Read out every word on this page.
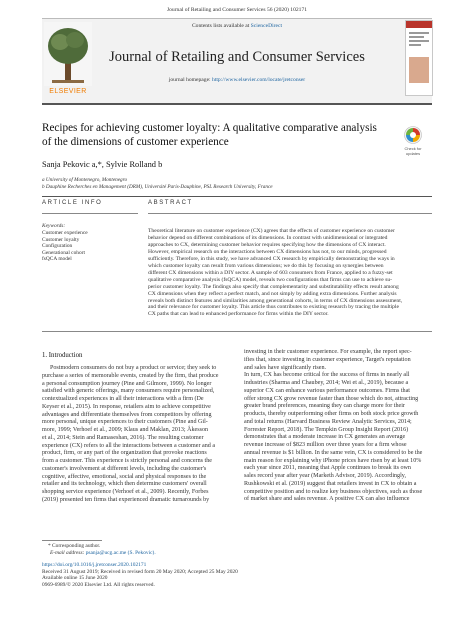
Journal of Retailing and Consumer Services 56 (2020) 102171
Contents lists available at ScienceDirect
Journal of Retailing and Consumer Services
journal homepage: http://www.elsevier.com/locate/jretconser
ELSEVIER
Recipes for achieving customer loyalty: A qualitative comparative analysis
of the dimensions of customer experience
Check for updates
Sanja Pekovic a,*, Sylvie Rolland b
a University of Montenegro, Montenegro
b Dauphine Recherches en Management (DRM), Université Paris-Dauphine, PSL Research University, France
ARTICLE INFO	ABSTRACT
Keywords:
Customer experience
Customer loyalty
Configuration
Generational cohort
fsQCA model
Theoretical literature on customer experience (CX) agrees that the effects of customer experience on customer
behavior depend on different combinations of its dimensions. In contrast with unidimensional or integrated
approaches to CX, determining customer behavior requires specifying how the dimensions of CX interact.
However, empirical research on the interactions between CX dimensions has not, to our minds, progressed
sufficiently. Therefore, in this study, we have advanced CX research by empirically demonstrating the ways in
which customer loyalty can result from various dimensions; we do this by focusing on synergies between
different CX dimensions within a DIY sector. A sample of 603 consumers from France, applied to a fuzzy-set
qualitative comparative analysis (fsQCA) model, reveals two configurations that firms can use to achieve su-
perior customer loyalty. The findings also specify that complementarity and substitutability effects result among
CX dimensions when they reflect a perfect match, and not simply by adding extra dimensions. Further analysis
reveals both distinct features and similarities among generational cohorts, in terms of CX dimensions assessment,
and their relevance for customer loyalty. This article thus contributes to existing research by tracing the multiple
CX paths that can lead to enhanced performance for firms within the DIY sector.
1. Introduction
Postmodern consumers do not buy a product or service; they seek to
purchase a series of memorable events, created by the firm, that produce
a personal consumption journey (Pine and Gilmore, 1999). No longer
satisfied with generic offerings, many consumers require personalized,
contextualized experiences in all their interactions with a firm (De
Keyser et al., 2015). In response, retailers aim to achieve competitive
advantages and differentiate themselves from competitors by offering
more personal, unique experiences to their customers (Pine and Gil-
more, 1999; Verhoef et al., 2009; Klaus and Maklan, 2013; Åkesson
et al., 2014; Stein and Ramaseshan, 2016). The resulting customer
experience (CX) refers to all the interactions between a customer and a
product, firm, or any part of the organization that provoke reactions
from a customer. This experience is strictly personal and concerns the
customer's involvement at different levels, including the customer's
cognitive, affective, emotional, social and physical responses to the
retailer and its technology, which then determine customers' overall
shopping service experience (Verhoef et al., 2009). Recently, Forbes
(2019) presented ten firms that experienced dramatic turnarounds by
investing in their customer experience. For example, the report spec-
ifies that, since investing in customer experience, Target's reputation
and sales have significantly risen.
In turn, CX has become critical for the success of firms in nearly all
industries (Sharma and Chaubey, 2014; Wei et al., 2019), because a
superior CX can enhance various performance outcomes. Firms that
offer strong CX grow revenue faster than those which do not, attracting
greater brand preferences, meaning they can charge more for their
products, thereby outperforming other firms on both stock price growth
and total returns (Harvard Business Review Analytic Services, 2014;
Forrester Report, 2018). The Tempkin Group Insight Report (2016)
demonstrates that a moderate increase in CX generates an average
revenue increase of $823 million over three years for a firm whose
annual revenue is $1 billion. In the same vein, CX is considered to be the
main reason for explaining why iPhone prices have risen by at least 10%
each year since 2011, meaning that Apple continues to break its own
sales record year after year (Marketh Advisor, 2019). Accordingly,
Rushkowski et al. (2019) suggest that retailers invest in CX to obtain a
competitive position and to realize key business objectives, such as those
of market share and sales revenue. A positive CX can also influence
* Corresponding author.
E-mail address: psanja@ucg.ac.me (S. Pekovic).
https://doi.org/10.1016/j.jretconser.2020.102171
Received 31 August 2019; Received in revised form 20 May 2020; Accepted 25 May 2020
Available online 15 June 2020
0969-6989/© 2020 Elsevier Ltd. All rights reserved.
